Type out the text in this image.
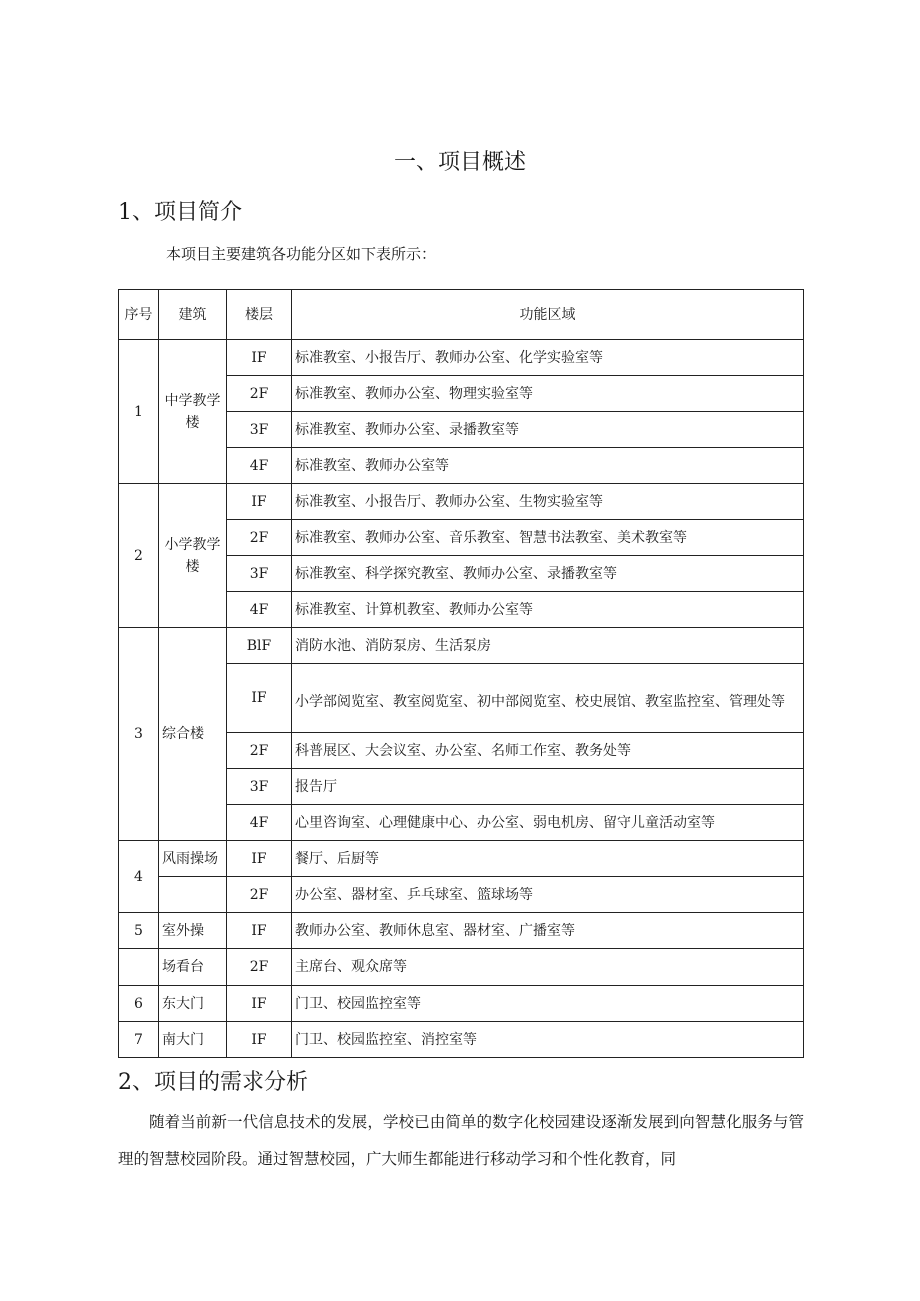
一、项目概述
1、项目简介
本项目主要建筑各功能分区如下表所示：
序号	建筑	楼层	功能区域
1	中学教学楼	IF	标准教室、小报告厅、教师办公室、化学实验室等
		2F	标准教室、教师办公室、物理实验室等
		3F	标准教室、教师办公室、录播教室等
		4F	标准教室、教师办公室等
2	小学教学楼	IF	标准教室、小报告厅、教师办公室、生物实验室等
		2F	标准教室、教师办公室、音乐教室、智慧书法教室、美术教室等
		3F	标准教室、科学探究教室、教师办公室、录播教室等
		4F	标准教室、计算机教室、教师办公室等
3	综合楼	BlF	消防水池、消防泵房、生活泵房
		IF	小学部阅览室、教室阅览室、初中部阅览室、校史展馆、教室监控室、管理处等
		2F	科普展区、大会议室、办公室、名师工作室、教务处等
		3F	报告厅
		4F	心里咨询室、心理健康中心、办公室、弱电机房、留守儿童活动室等
4	风雨操场	IF	餐厅、后厨等
		2F	办公室、器材室、乒乓球室、篮球场等
5	室外操	IF	教师办公室、教师休息室、器材室、广播室等
	场看台	2F	主席台、观众席等
6	东大门	IF	门卫、校园监控室等
7	南大门	IF	门卫、校园监控室、消控室等
2、项目的需求分析
随着当前新一代信息技术的发展，学校已由简单的数字化校园建设逐渐发展到向智慧化服务与管理的智慧校园阶段。通过智慧校园，广大师生都能进行移动学习和个性化教育，同
